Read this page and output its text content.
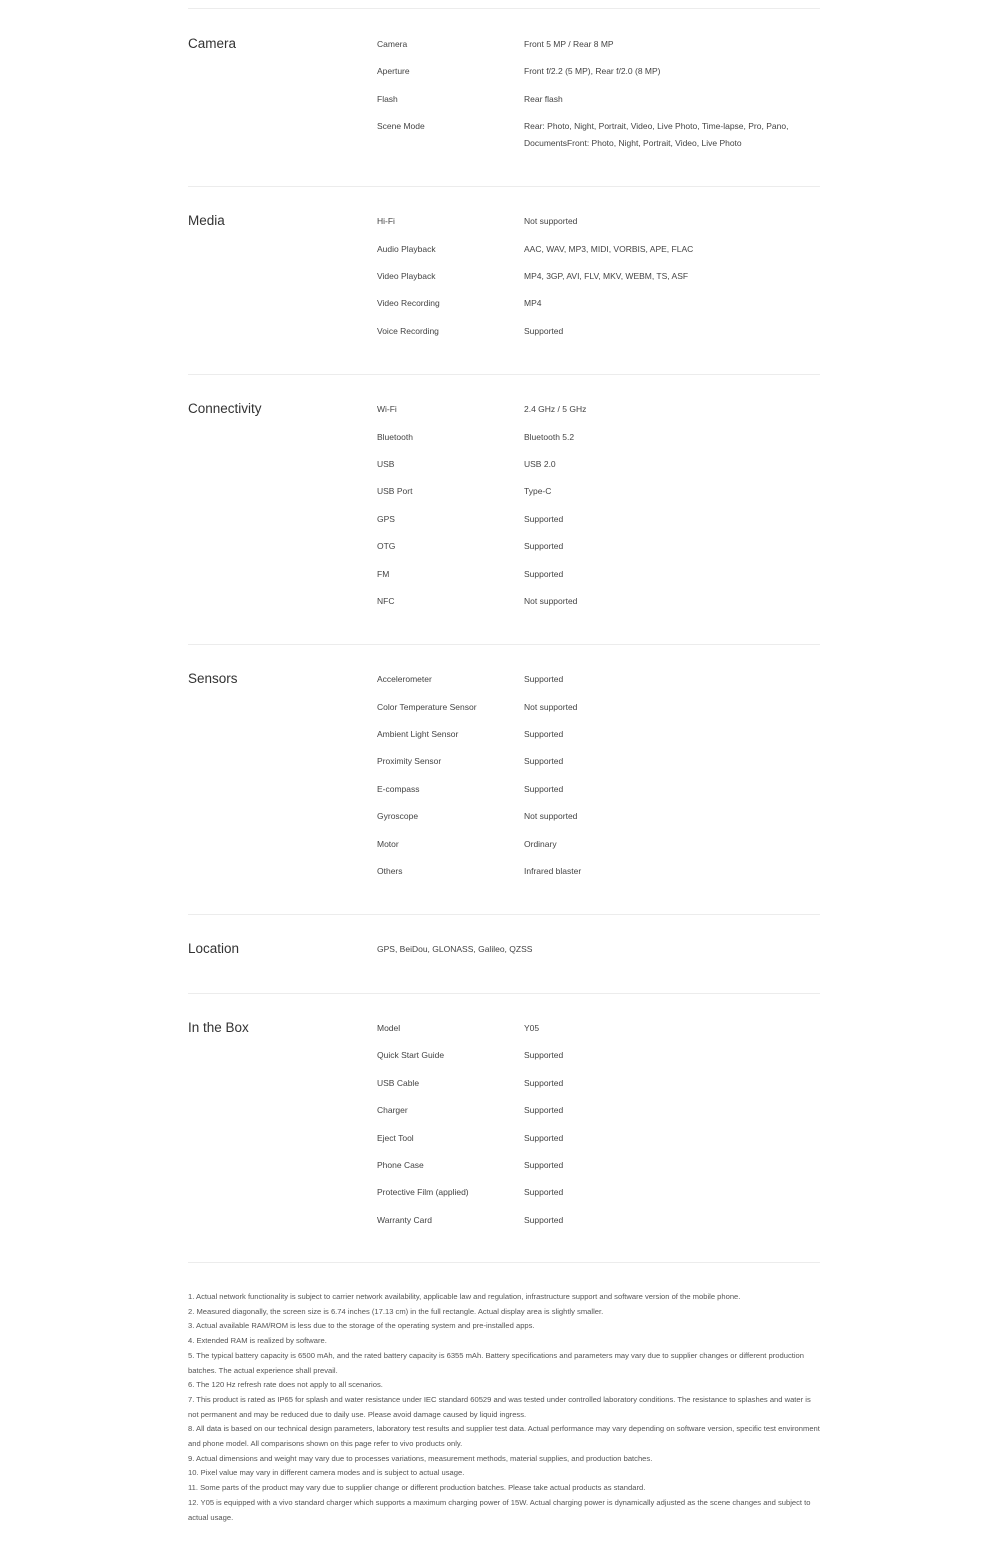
Camera	Camera	Front 5 MP / Rear 8 MP
Aperture	Front f/2.2 (5 MP), Rear f/2.0 (8 MP)
Flash	Rear flash
Scene Mode	Rear: Photo, Night, Portrait, Video, Live Photo, Time-lapse, Pro, Pano, DocumentsFront: Photo, Night, Portrait, Video, Live Photo
Media	Hi-Fi	Not supported
Audio Playback	AAC, WAV, MP3, MIDI, VORBIS, APE, FLAC
Video Playback	MP4, 3GP, AVI, FLV, MKV, WEBM, TS, ASF
Video Recording	MP4
Voice Recording	Supported
Connectivity	Wi-Fi	2.4 GHz / 5 GHz
Bluetooth	Bluetooth 5.2
USB	USB 2.0
USB Port	Type-C
GPS	Supported
OTG	Supported
FM	Supported
NFC	Not supported
Sensors	Accelerometer	Supported
Color Temperature Sensor	Not supported
Ambient Light Sensor	Supported
Proximity Sensor	Supported
E-compass	Supported
Gyroscope	Not supported
Motor	Ordinary
Others	Infrared blaster
Location	GPS, BeiDou, GLONASS, Galileo, QZSS
In the Box	Model	Y05
Quick Start Guide	Supported
USB Cable	Supported
Charger	Supported
Eject Tool	Supported
Phone Case	Supported
Protective Film (applied)	Supported
Warranty Card	Supported

1. Actual network functionality is subject to carrier network availability, applicable law and regulation, infrastructure support and software version of the mobile phone.

2. Measured diagonally, the screen size is 6.74 inches (17.13 cm) in the full rectangle. Actual display area is slightly smaller.

3. Actual available RAM/ROM is less due to the storage of the operating system and pre-installed apps.

4. Extended RAM is realized by software.

5. The typical battery capacity is 6500 mAh, and the rated battery capacity is 6355 mAh. Battery specifications and parameters may vary due to supplier changes or different production batches. The actual experience shall prevail.

6. The 120 Hz refresh rate does not apply to all scenarios.

7. This product is rated as IP65 for splash and water resistance under IEC standard 60529 and was tested under controlled laboratory conditions. The resistance to splashes and water is not permanent and may be reduced due to daily use. Please avoid damage caused by liquid ingress.

8. All data is based on our technical design parameters, laboratory test results and supplier test data. Actual performance may vary depending on software version, specific test environment and phone model. All comparisons shown on this page refer to vivo products only.

9. Actual dimensions and weight may vary due to processes variations, measurement methods, material supplies, and production batches.

10. Pixel value may vary in different camera modes and is subject to actual usage.

11. Some parts of the product may vary due to supplier change or different production batches. Please take actual products as standard.

12. Y05 is equipped with a vivo standard charger which supports a maximum charging power of 15W. Actual charging power is dynamically adjusted as the scene changes and subject to actual usage.
